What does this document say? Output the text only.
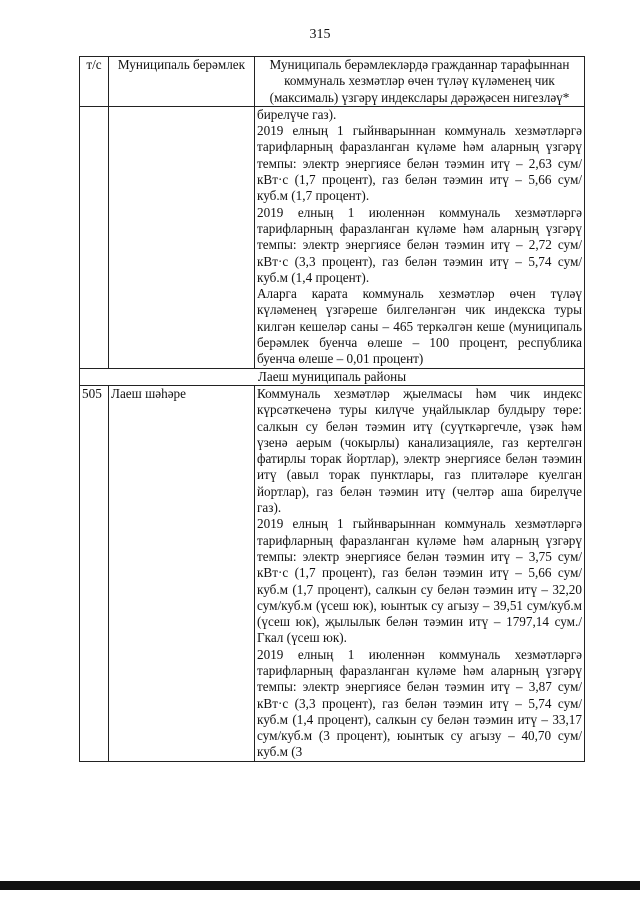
315
т/с	Муниципаль берәмлек	Муниципаль берәмлекләрдә гражданнар тарафыннан коммуналь хезмәтләр өчен түләү күләменең чик (максималь) үзгәрү индекслары дәрәҗәсен нигезләү*

		бирелүче газ).

2019 елның 1 гыйнварыннан коммуналь хезмәтләргә тарифларның фаразланган күләме һәм аларның үзгәрү темпы: электр энергиясе белән тәэмин итү – 2,63 сум/кВт·с (1,7 процент), газ белән тәэмин итү – 5,66 сум/куб.м (1,7 процент).

2019 елның 1 июленнән коммуналь хезмәтләргә тарифларның фаразланган күләме һәм аларның үзгәрү темпы: электр энергиясе белән тәэмин итү – 2,72 сум/кВт·с (3,3 процент), газ белән тәэмин итү – 5,74 сум/куб.м (1,4 процент).

Аларга карата коммуналь хезмәтләр өчен түләү күләменең үзгәреше билгеләнгән чик индекска туры килгән кешеләр саны – 465 теркәлгән кеше (муниципаль берәмлек буенча өлеше – 100 процент, республика буенча өлеше – 0,01 процент)

Лаеш муниципаль районы		
505	Лаеш шәһәре	Коммуналь хезмәтләр җыелмасы һәм чик индекс күрсәткеченә туры килүче уңайлыклар булдыру төре: салкын су белән тәэмин итү (суүткәргечле, үзәк һәм үзенә аерым (чокырлы) канализацияле, газ кертелгән фатирлы торак йортлар), электр энергиясе белән тәэмин итү (авыл торак пунктлары, газ плитәләре куелган йортлар), газ белән тәэмин итү (челтәр аша бирелүче газ).

2019 елның 1 гыйнварыннан коммуналь хезмәтләргә тарифларның фаразланган күләме һәм аларның үзгәрү темпы: электр энергиясе белән тәэмин итү – 3,75 сум/кВт·с (1,7 процент), газ белән тәэмин итү – 5,66 сум/куб.м (1,7 процент), салкын су белән тәэмин итү – 32,20 сум/куб.м (үсеш юк), юынтык су агызу – 39,51 сум/куб.м (үсеш юк), җылылык белән тәэмин итү – 1797,14 сум./Гкал (үсеш юк).

2019 елның 1 июленнән коммуналь хезмәтләргә тарифларның фаразланган күләме һәм аларның үзгәрү темпы: электр энергиясе белән тәэмин итү – 3,87 сум/кВт·с (3,3 процент), газ белән тәэмин итү – 5,74 сум/куб.м (1,4 процент), салкын су белән тәэмин итү – 33,17 сум/куб.м (3 процент), юынтык су агызу – 40,70 сум/куб.м (3
